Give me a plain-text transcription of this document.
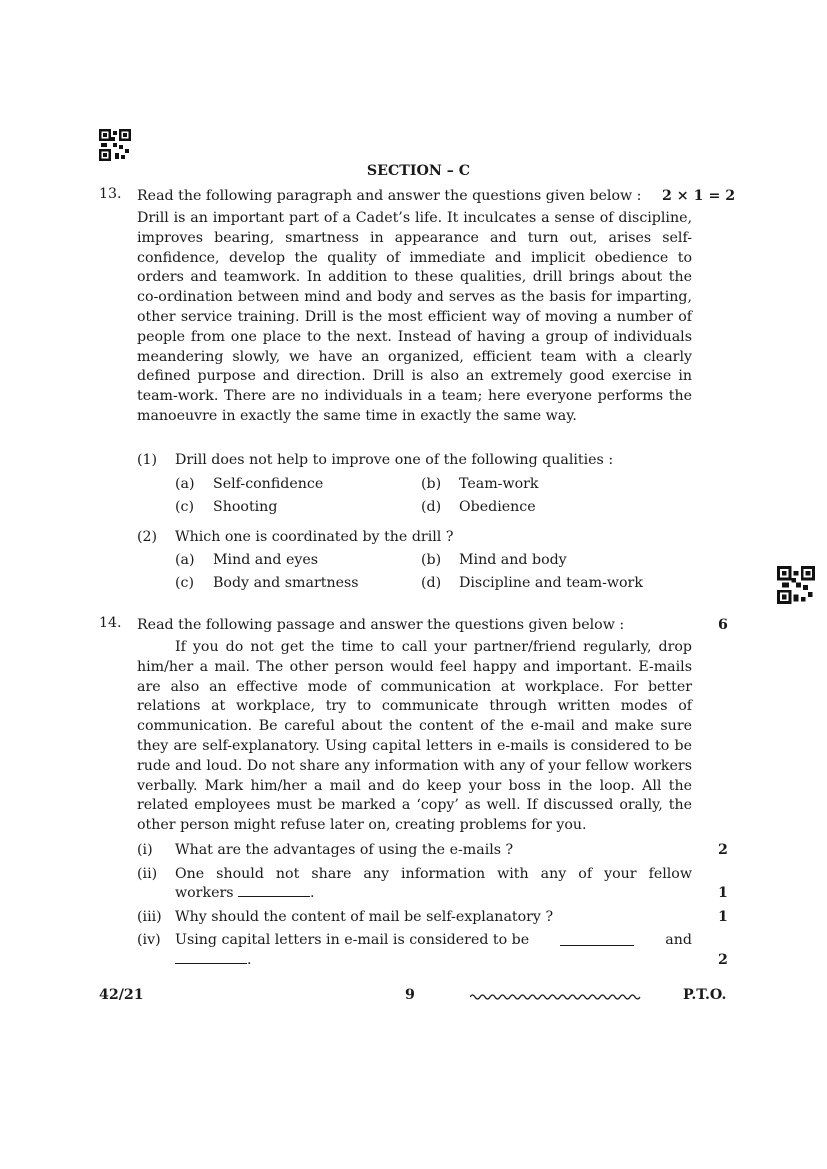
SECTION – C
13. Read the following paragraph and answer the questions given below : 2 × 1 = 2
Drill is an important part of a Cadet’s life. It inculcates a sense of discipline, improves bearing, smartness in appearance and turn out, arises self-confidence, develop the quality of immediate and implicit obedience to orders and teamwork. In addition to these qualities, drill brings about the co-ordination between mind and body and serves as the basis for imparting, other service training. Drill is the most efficient way of moving a number of people from one place to the next. Instead of having a group of individuals meandering slowly, we have an organized, efficient team with a clearly defined purpose and direction. Drill is also an extremely good exercise in team-work. There are no individuals in a team; here everyone performs the manoeuvre in exactly the same time in exactly the same way.
(1) Drill does not help to improve one of the following qualities :
(a) Self-confidence	(b) Team-work
(c) Shooting	(d) Obedience
(2) Which one is coordinated by the drill ?
(a) Mind and eyes	(b) Mind and body
(c) Body and smartness	(d) Discipline and team-work
14. Read the following passage and answer the questions given below :	6
If you do not get the time to call your partner/friend regularly, drop him/her a mail. The other person would feel happy and important. E-mails are also an effective mode of communication at workplace. For better relations at workplace, try to communicate through written modes of communication. Be careful about the content of the e-mail and make sure they are self-explanatory. Using capital letters in e-mails is considered to be rude and loud. Do not share any information with any of your fellow workers verbally. Mark him/her a mail and do keep your boss in the loop. All the related employees must be marked a ‘copy’ as well. If discussed orally, the other person might refuse later on, creating problems for you.
(i) What are the advantages of using the e-mails ?	2
(ii) One should not share any information with any of your fellow
workers	.	1
(iii) Why should the content of mail be self-explanatory ?	1
(iv) Using capital letters in e-mail is considered to be	and
.	2
42/21	9	P.T.O.
